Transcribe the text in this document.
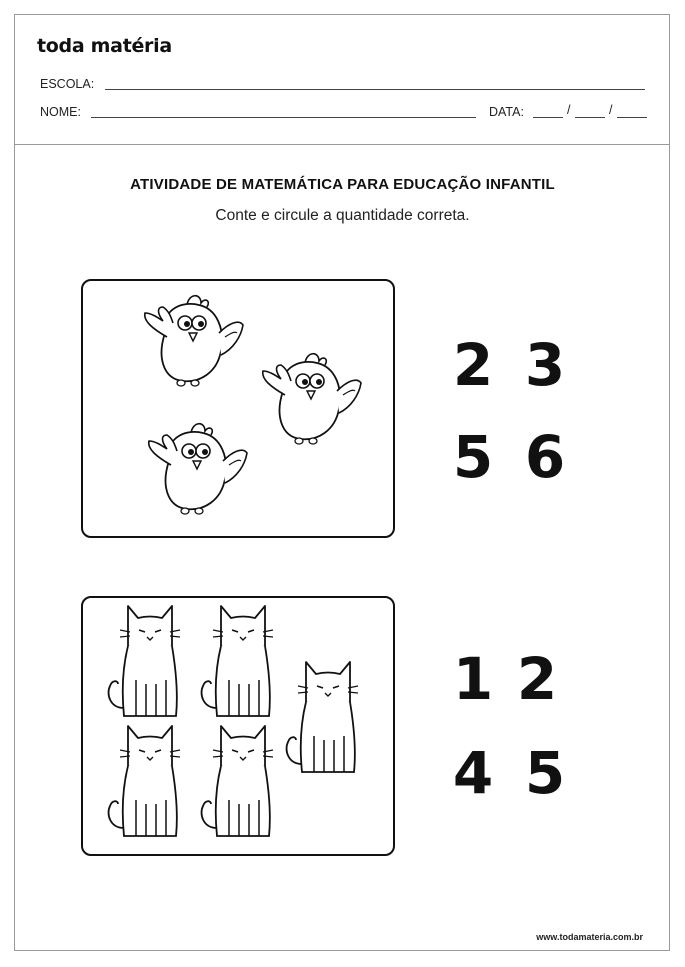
toda matéria
ESCOLA:
NOME:	DATA:	/	/
ATIVIDADE DE MATEMÁTICA PARA EDUCAÇÃO INFANTIL
Conte e circule a quantidade correta.
2 3
5 6
1 2
4 5
www.todamateria.com.br
